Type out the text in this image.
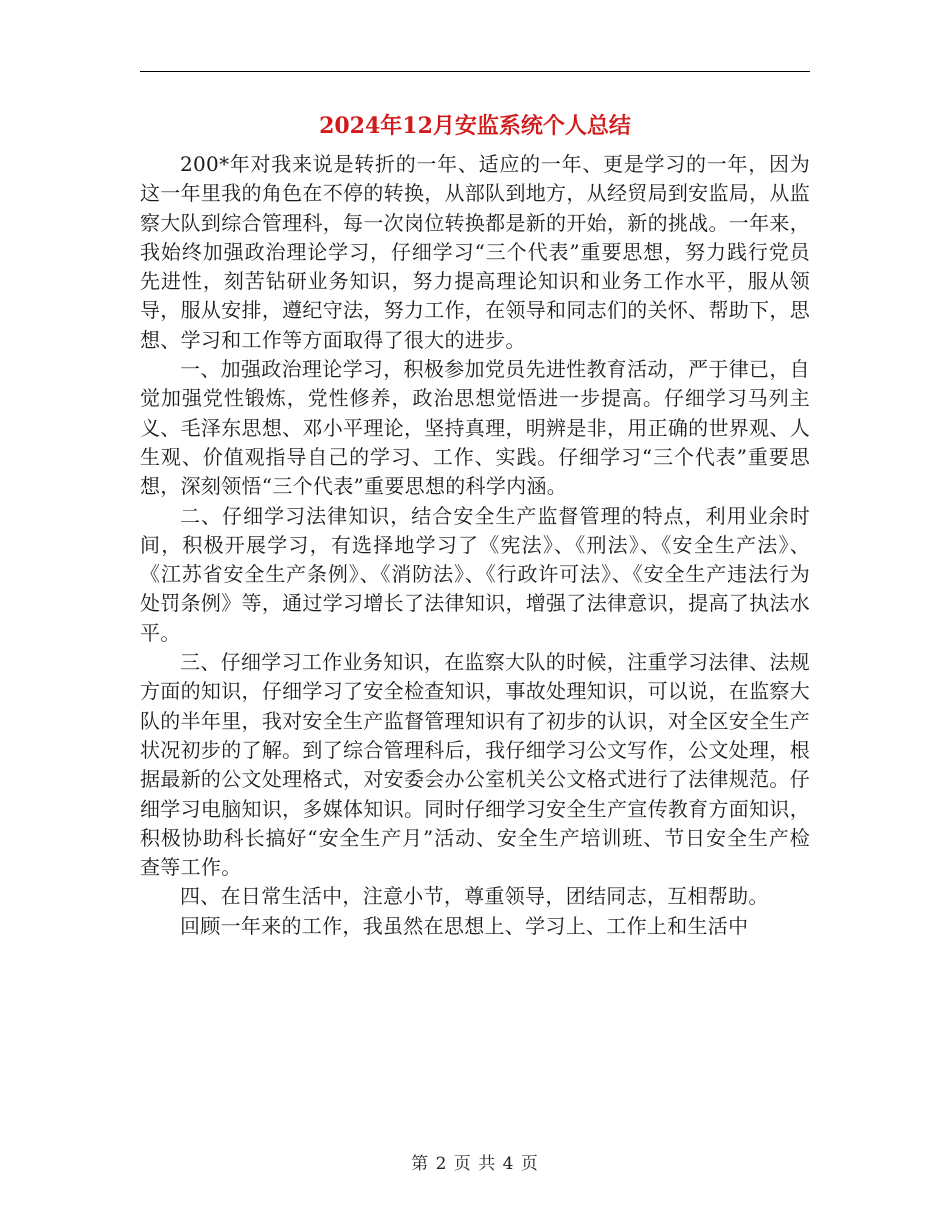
2024年12月安监系统个人总结

200*年对我来说是转折的一年、适应的一年、更是学习的一年，因为这一年里我的角色在不停的转换，从部队到地方，从经贸局到安监局，从监察大队到综合管理科，每一次岗位转换都是新的开始，新的挑战。一年来，我始终加强政治理论学习，仔细学习“三个代表”重要思想，努力践行党员先进性，刻苦钻研业务知识，努力提高理论知识和业务工作水平，服从领导，服从安排，遵纪守法，努力工作，在领导和同志们的关怀、帮助下，思想、学习和工作等方面取得了很大的进步。

一、加强政治理论学习，积极参加党员先进性教育活动，严于律已，自觉加强党性锻炼，党性修养，政治思想觉悟进一步提高。仔细学习马列主义、毛泽东思想、邓小平理论，坚持真理，明辨是非，用正确的世界观、人生观、价值观指导自己的学习、工作、实践。仔细学习“三个代表”重要思想，深刻领悟“三个代表”重要思想的科学内涵。

二、仔细学习法律知识，结合安全生产监督管理的特点，利用业余时间，积极开展学习，有选择地学习了《宪法》、《刑法》、《安全生产法》、《江苏省安全生产条例》、《消防法》、《行政许可法》、《安全生产违法行为处罚条例》等，通过学习增长了法律知识，增强了法律意识，提高了执法水平。

三、仔细学习工作业务知识，在监察大队的时候，注重学习法律、法规方面的知识，仔细学习了安全检查知识，事故处理知识，可以说，在监察大队的半年里，我对安全生产监督管理知识有了初步的认识，对全区安全生产状况初步的了解。到了综合管理科后，我仔细学习公文写作，公文处理，根据最新的公文处理格式，对安委会办公室机关公文格式进行了法律规范。仔细学习电脑知识，多媒体知识。同时仔细学习安全生产宣传教育方面知识，积极协助科长搞好“安全生产月”活动、安全生产培训班、节日安全生产检查等工作。

四、在日常生活中，注意小节，尊重领导，团结同志，互相帮助。

回顾一年来的工作，我虽然在思想上、学习上、工作上和生活中

第 2 页 共 4 页
